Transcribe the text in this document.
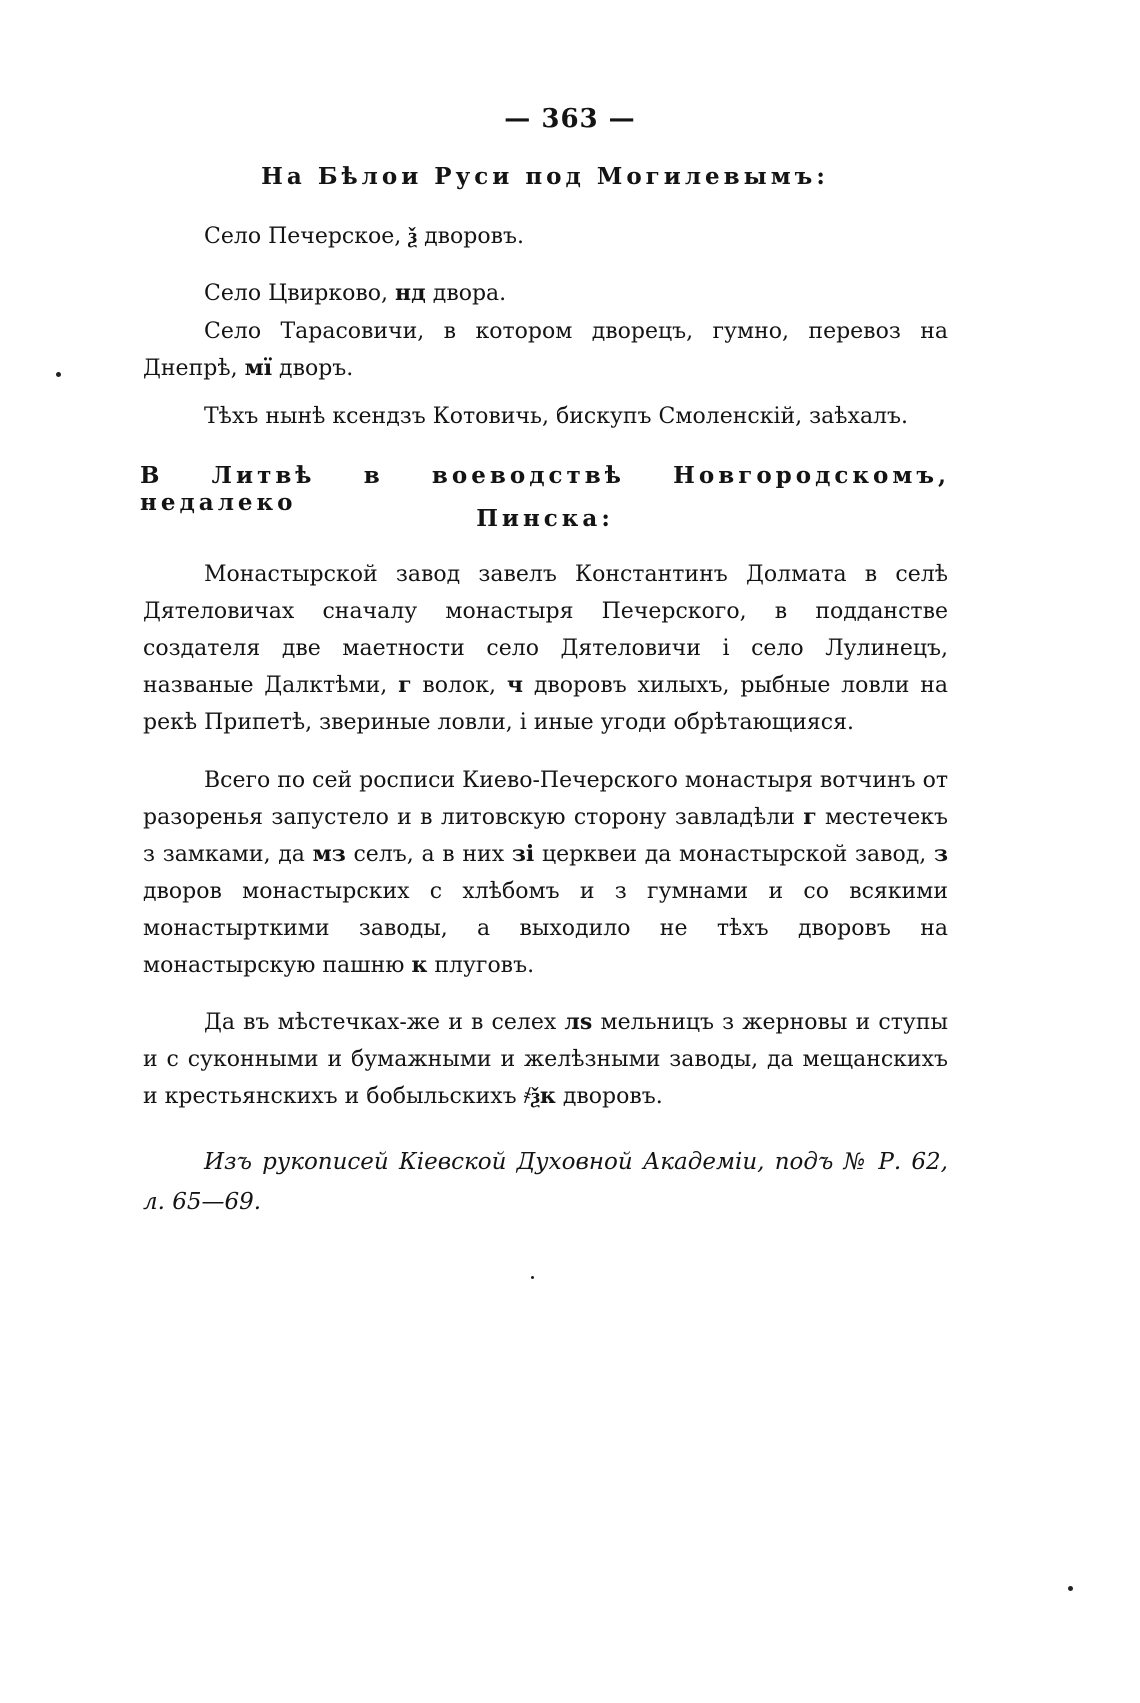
— 363 —
На Бѣлои Руси под Могилевымъ:
Село Печерское, ѯ дворовъ.
Село Цвирково, нд двора.
Село Тарасовичи, в котором дворецъ, гумно, перевоз на Днепрѣ, мї дворъ.
Тѣхъ нынѣ ксендзъ Котовичь, бискупъ Смоленскій, заѣхалъ.
В Литвѣ в воеводствѣ Новгородскомъ, недалеко
Пинска:
Монастырской завод завелъ Константинъ Долмата в селѣ Дятеловичах сначалу монастыря Печерского, в подданстве создателя две маетности село Дятеловичи і село Лулинецъ, названые Далктѣми, г волок, ч дворовъ хилыхъ, рыбные ловли на рекѣ Припетѣ, звериные ловли, і иные угоди обрѣтающияся.
Всего по сей росписи Киево-Печерского монастыря вотчинъ от разоренья запустело и в литовскую сторону завладѣли г местечекъ з замками, да мз селъ, а в них зі церквеи да монастырской завод, з дворов монастырских с хлѣбомъ и з гумнами и со всякими монастырткими заводы, а выходило не тѣхъ дворовъ на монастырскую пашню к плуговъ.
Да въ мѣстечках-же и в селех лѕ мельницъ з жерновы и ступы и с суконными и бумажными и желѣзными заводы, да мещанскихъ и крестьянскихъ и бобыльскихъ ҂ѯк дворовъ.
Изъ рукописей Кіевской Духовной Академіи, подъ № Р. 62, л. 65—69.
